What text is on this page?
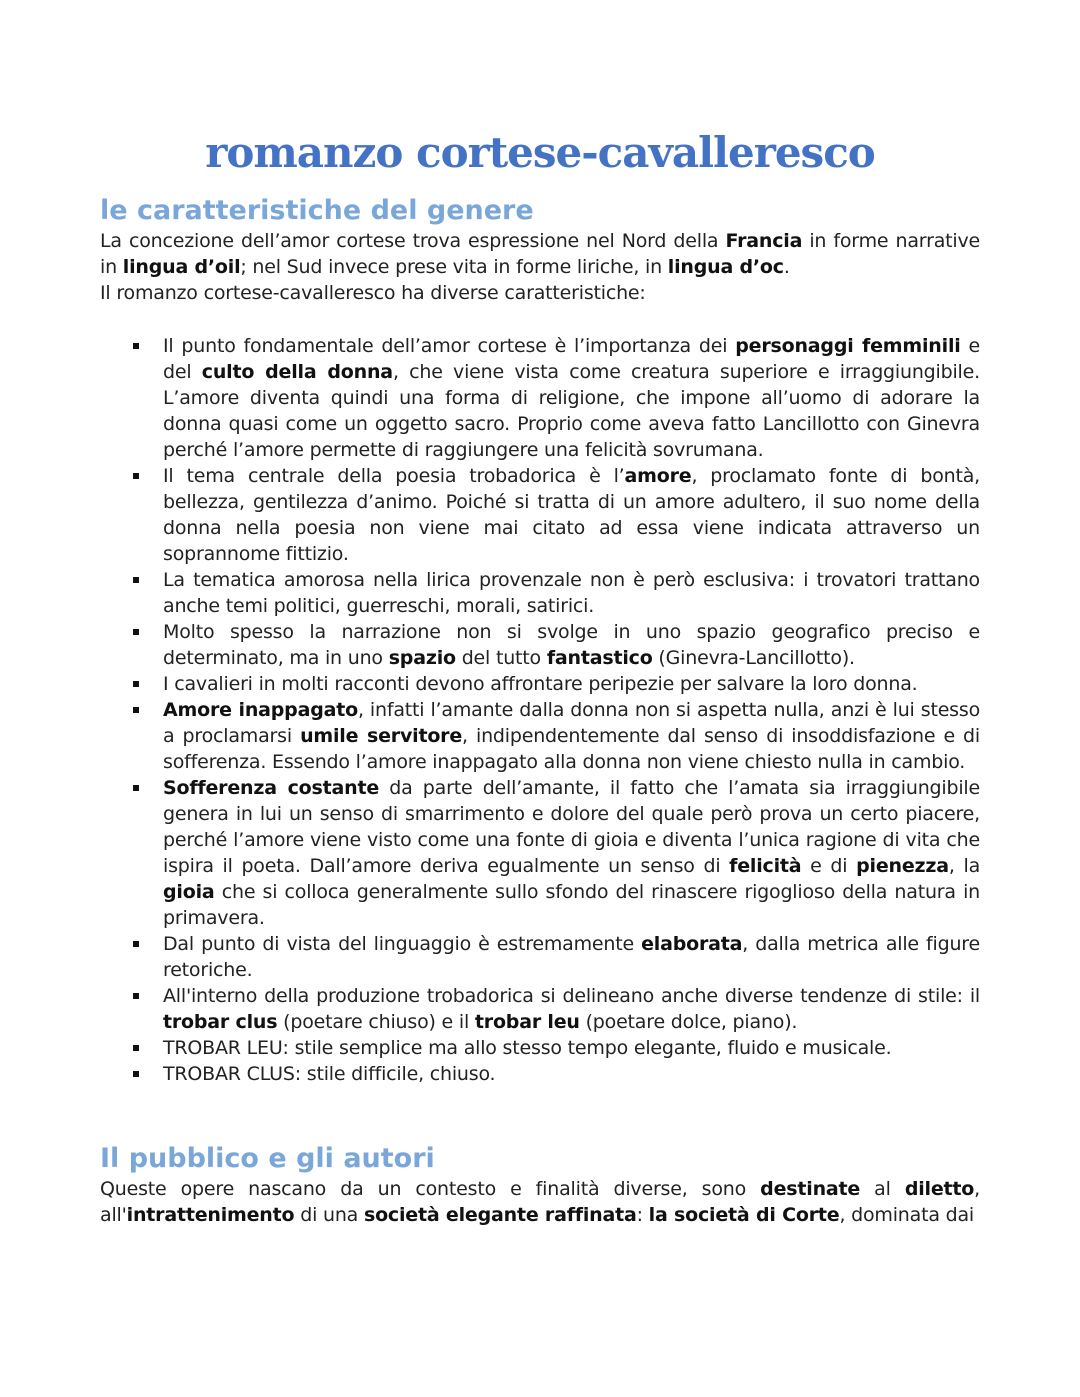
romanzo cortese-cavalleresco
le caratteristiche del genere

La concezione dell’amor cortese trova espressione nel Nord della Francia in forme narrative in lingua d’oil; nel Sud invece prese vita in forme liriche, in lingua d’oc.

Il romanzo cortese-cavalleresco ha diverse caratteristiche:

Il punto fondamentale dell’amor cortese è l’importanza dei personaggi femminili e del culto della donna, che viene vista come creatura superiore e irraggiungibile. L’amore diventa quindi una forma di religione, che impone all’uomo di adorare la donna quasi come un oggetto sacro. Proprio come aveva fatto Lancillotto con Ginevra perché l’amore permette di raggiungere una felicità sovrumana.
Il tema centrale della poesia trobadorica è l’amore, proclamato fonte di bontà, bellezza, gentilezza d’animo. Poiché si tratta di un amore adultero, il suo nome della donna nella poesia non viene mai citato ad essa viene indicata attraverso un soprannome fittizio.
La tematica amorosa nella lirica provenzale non è però esclusiva: i trovatori trattano anche temi politici, guerreschi, morali, satirici.
Molto spesso la narrazione non si svolge in uno spazio geografico preciso e determinato, ma in uno spazio del tutto fantastico (Ginevra-Lancillotto).
I cavalieri in molti racconti devono affrontare peripezie per salvare la loro donna.
Amore inappagato, infatti l’amante dalla donna non si aspetta nulla, anzi è lui stesso a proclamarsi umile servitore, indipendentemente dal senso di insoddisfazione e di sofferenza. Essendo l’amore inappagato alla donna non viene chiesto nulla in cambio.
Sofferenza costante da parte dell’amante, il fatto che l’amata sia irraggiungibile genera in lui un senso di smarrimento e dolore del quale però prova un certo piacere, perché l’amore viene visto come una fonte di gioia e diventa l’unica ragione di vita che ispira il poeta. Dall’amore deriva egualmente un senso di felicità e di pienezza, la gioia che si colloca generalmente sullo sfondo del rinascere rigoglioso della natura in primavera.
Dal punto di vista del linguaggio è estremamente elaborata, dalla metrica alle figure retoriche.
All'interno della produzione trobadorica si delineano anche diverse tendenze di stile: il trobar clus (poetare chiuso) e il trobar leu (poetare dolce, piano).
TROBAR LEU: stile semplice ma allo stesso tempo elegante, fluido e musicale.
TROBAR CLUS: stile difficile, chiuso.
Il pubblico e gli autori

Queste opere nascano da un contesto e finalità diverse, sono destinate al diletto, all'intrattenimento di una società elegante raffinata: la società di Corte, dominata dai
